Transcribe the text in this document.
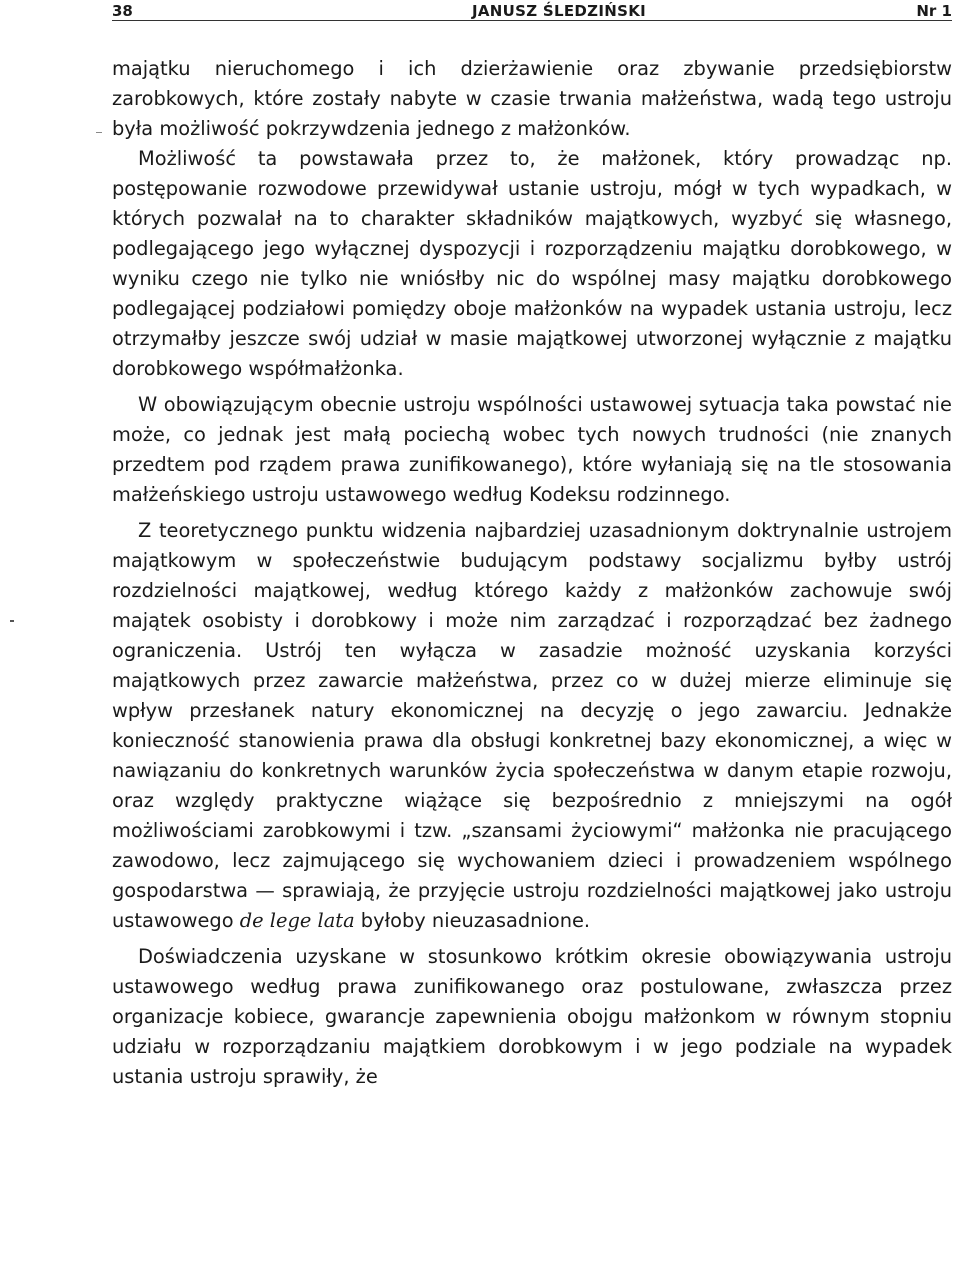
38	JANUSZ ŚLEDZIŃSKI	Nr 1

majątku nieruchomego i ich dzierżawienie oraz zbywanie przedsiębiorstw zarobkowych, które zostały nabyte w czasie trwania małżeństwa, wadą tego ustroju była możliwość pokrzywdzenia jednego z małżonków.

Możliwość ta powstawała przez to, że małżonek, który prowadząc np. postępowanie rozwodowe przewidywał ustanie ustroju, mógł w tych wypadkach, w których pozwalał na to charakter składników majątkowych, wyzbyć się własnego, podlegającego jego wyłącznej dyspozycji i rozporządzeniu majątku dorobkowego, w wyniku czego nie tylko nie wniósłby nic do wspólnej masy majątku dorobkowego podlegającej podziałowi pomiędzy oboje małżonków na wypadek ustania ustroju, lecz otrzymałby jeszcze swój udział w masie majątkowej utworzonej wyłącznie z majątku dorobkowego współmałżonka.

W obowiązującym obecnie ustroju wspólności ustawowej sytuacja taka powstać nie może, co jednak jest małą pociechą wobec tych nowych trudności (nie znanych przedtem pod rządem prawa zunifikowanego), które wyłaniają się na tle stosowania małżeńskiego ustroju ustawowego według Kodeksu rodzinnego.

Z teoretycznego punktu widzenia najbardziej uzasadnionym doktrynalnie ustrojem majątkowym w społeczeństwie budującym podstawy socjalizmu byłby ustrój rozdzielności majątkowej, według którego każdy z małżonków zachowuje swój majątek osobisty i dorobkowy i może nim zarządzać i rozporządzać bez żadnego ograniczenia. Ustrój ten wyłącza w zasadzie możność uzyskania korzyści majątkowych przez zawarcie małżeństwa, przez co w dużej mierze eliminuje się wpływ przesłanek natury ekonomicznej na decyzję o jego zawarciu. Jednakże konieczność stanowienia prawa dla obsługi konkretnej bazy ekonomicznej, a więc w nawiązaniu do konkretnych warunków życia społeczeństwa w danym etapie rozwoju, oraz względy praktyczne wiążące się bezpośrednio z mniejszymi na ogół możliwościami zarobkowymi i tzw. „szansami życiowymi“ małżonka nie pracującego zawodowo, lecz zajmującego się wychowaniem dzieci i prowadzeniem wspólnego gospodarstwa — sprawiają, że przyjęcie ustroju rozdzielności majątkowej jako ustroju ustawowego de lege lata byłoby nieuzasadnione.

Doświadczenia uzyskane w stosunkowo krótkim okresie obowiązywania ustroju ustawowego według prawa zunifikowanego oraz postulowane, zwłaszcza przez organizacje kobiece, gwarancje zapewnienia obojgu małżonkom w równym stopniu udziału w rozporządzaniu majątkiem dorobkowym i w jego podziale na wypadek ustania ustroju sprawiły, że
